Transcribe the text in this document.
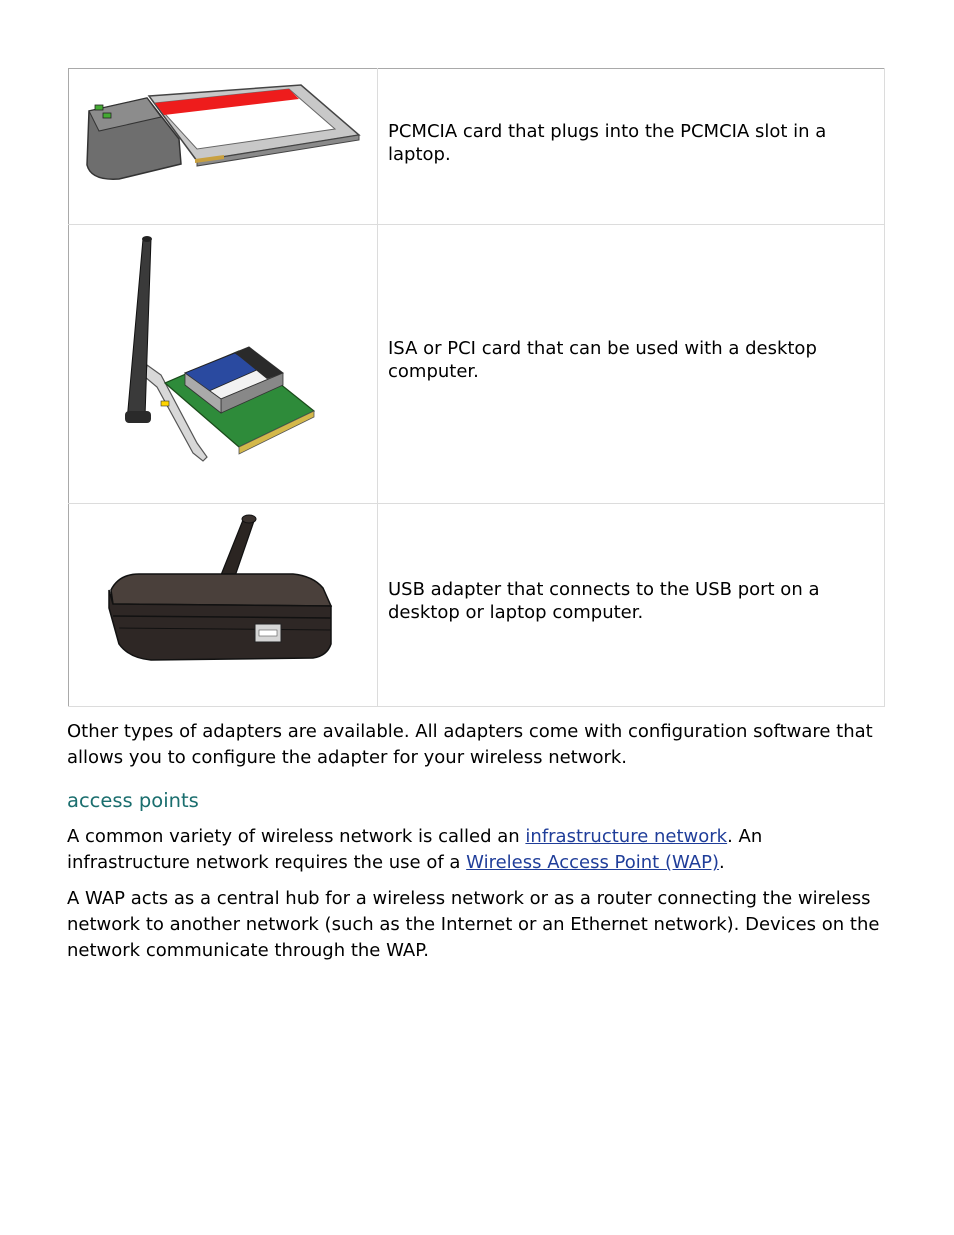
PCMCIA card that plugs into the PCMCIA slot in a laptop.

ISA or PCI card that can be used with a desktop computer.

USB adapter that connects to the USB port on a desktop or laptop computer.

Other types of adapters are available. All adapters come with configuration software that allows you to configure the adapter for your wireless network.

access points

A common variety of wireless network is called an infrastructure network. An infrastructure network requires the use of a Wireless Access Point (WAP).

A WAP acts as a central hub for a wireless network or as a router connecting the wireless network to another network (such as the Internet or an Ethernet network). Devices on the network communicate through the WAP.
